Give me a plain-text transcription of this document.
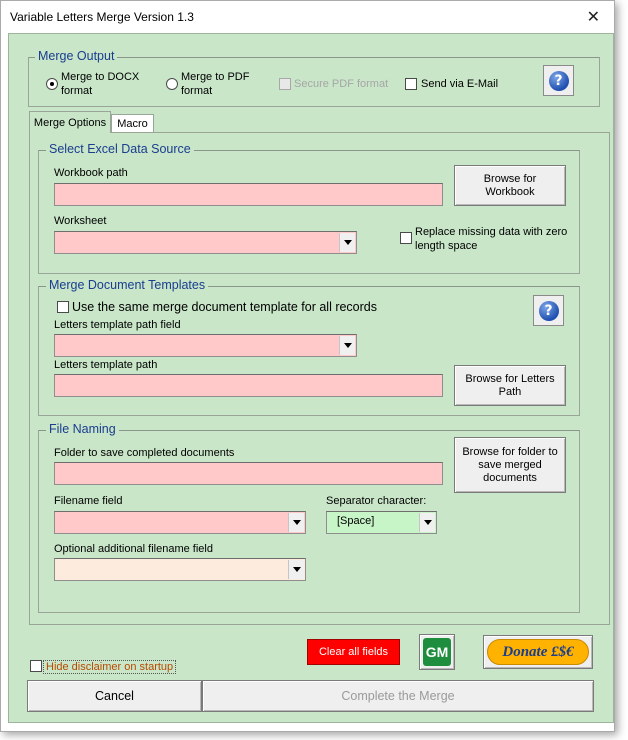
Variable Letters Merge Version 1.3	✕
Merge Output
Merge to DOCX
format
Merge to PDF
format
Secure PDF format	Send via E-Mail	?
Merge Options	Macro
Select Excel Data Source
Workbook path	Browse for
Workbook
Worksheet
Replace missing data with zero
length space
Merge Document Templates
Use the same merge document template for all records	?
Letters template path field
Letters template path
Browse for Letters
Path
File Naming
Folder to save completed documents	Browse for folder to
save merged
documents
Filename field	Separator character:
[Space]
Optional additional filename field
Hide disclaimer on startup
Clear all fields	GM	Donate £$€
Cancel	Complete the Merge
